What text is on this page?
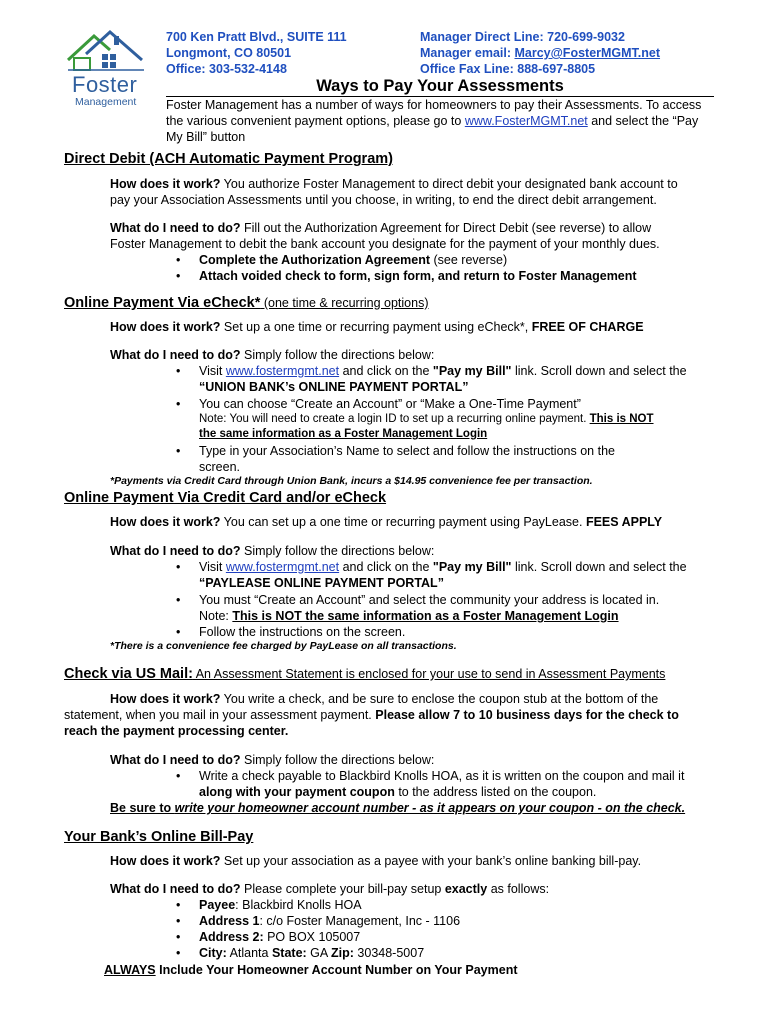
Foster
Management
700 Ken Pratt Blvd., SUITE 111
Longmont, CO 80501
Office: 303-532-4148
Manager Direct Line: 720-699-9032
Manager email: Marcy@FosterMGMT.net
Office Fax Line: 888-697-8805
Ways to Pay Your Assessments
Foster Management has a number of ways for homeowners to pay their Assessments. To access
the various convenient payment options, please go to www.FosterMGMT.net and select the “Pay
My Bill” button
Direct Debit (ACH Automatic Payment Program)
How does it work? You authorize Foster Management to direct debit your designated bank account to
pay your Association Assessments until you choose, in writing, to end the direct debit arrangement.
What do I need to do? Fill out the Authorization Agreement for Direct Debit (see reverse) to allow
Foster Management to debit the bank account you designate for the payment of your monthly dues.
• Complete the Authorization Agreement (see reverse)
• Attach voided check to form, sign form, and return to Foster Management
Online Payment Via eCheck* (one time & recurring options)
How does it work? Set up a one time or recurring payment using eCheck*, FREE OF CHARGE
What do I need to do? Simply follow the directions below:
• Visit www.fostermgmt.net and click on the "Pay my Bill" link. Scroll down and select the
“UNION BANK’s ONLINE PAYMENT PORTAL”
• You can choose “Create an Account” or “Make a One-Time Payment”
Note: You will need to create a login ID to set up a recurring online payment. This is NOT
the same information as a Foster Management Login
• Type in your Association’s Name to select and follow the instructions on the
screen.
*Payments via Credit Card through Union Bank, incurs a $14.95 convenience fee per transaction.
Online Payment Via Credit Card and/or eCheck
How does it work? You can set up a one time or recurring payment using PayLease. FEES APPLY
What do I need to do? Simply follow the directions below:
• Visit www.fostermgmt.net and click on the "Pay my Bill" link. Scroll down and select the
“PAYLEASE ONLINE PAYMENT PORTAL”
• You must “Create an Account” and select the community your address is located in.
Note: This is NOT the same information as a Foster Management Login
• Follow the instructions on the screen.
*There is a convenience fee charged by PayLease on all transactions.
Check via US Mail: An Assessment Statement is enclosed for your use to send in Assessment Payments
How does it work? You write a check, and be sure to enclose the coupon stub at the bottom of the
statement, when you mail in your assessment payment. Please allow 7 to 10 business days for the check to
reach the payment processing center.
What do I need to do? Simply follow the directions below:
• Write a check payable to Blackbird Knolls HOA, as it is written on the coupon and mail it
along with your payment coupon to the address listed on the coupon.
Be sure to write your homeowner account number - as it appears on your coupon - on the check.
Your Bank’s Online Bill-Pay
How does it work? Set up your association as a payee with your bank’s online banking bill-pay.
What do I need to do? Please complete your bill-pay setup exactly as follows:
• Payee: Blackbird Knolls HOA
• Address 1: c/o Foster Management, Inc - 1106
• Address 2: PO BOX 105007
• City: Atlanta State: GA Zip: 30348-5007
ALWAYS Include Your Homeowner Account Number on Your Payment
